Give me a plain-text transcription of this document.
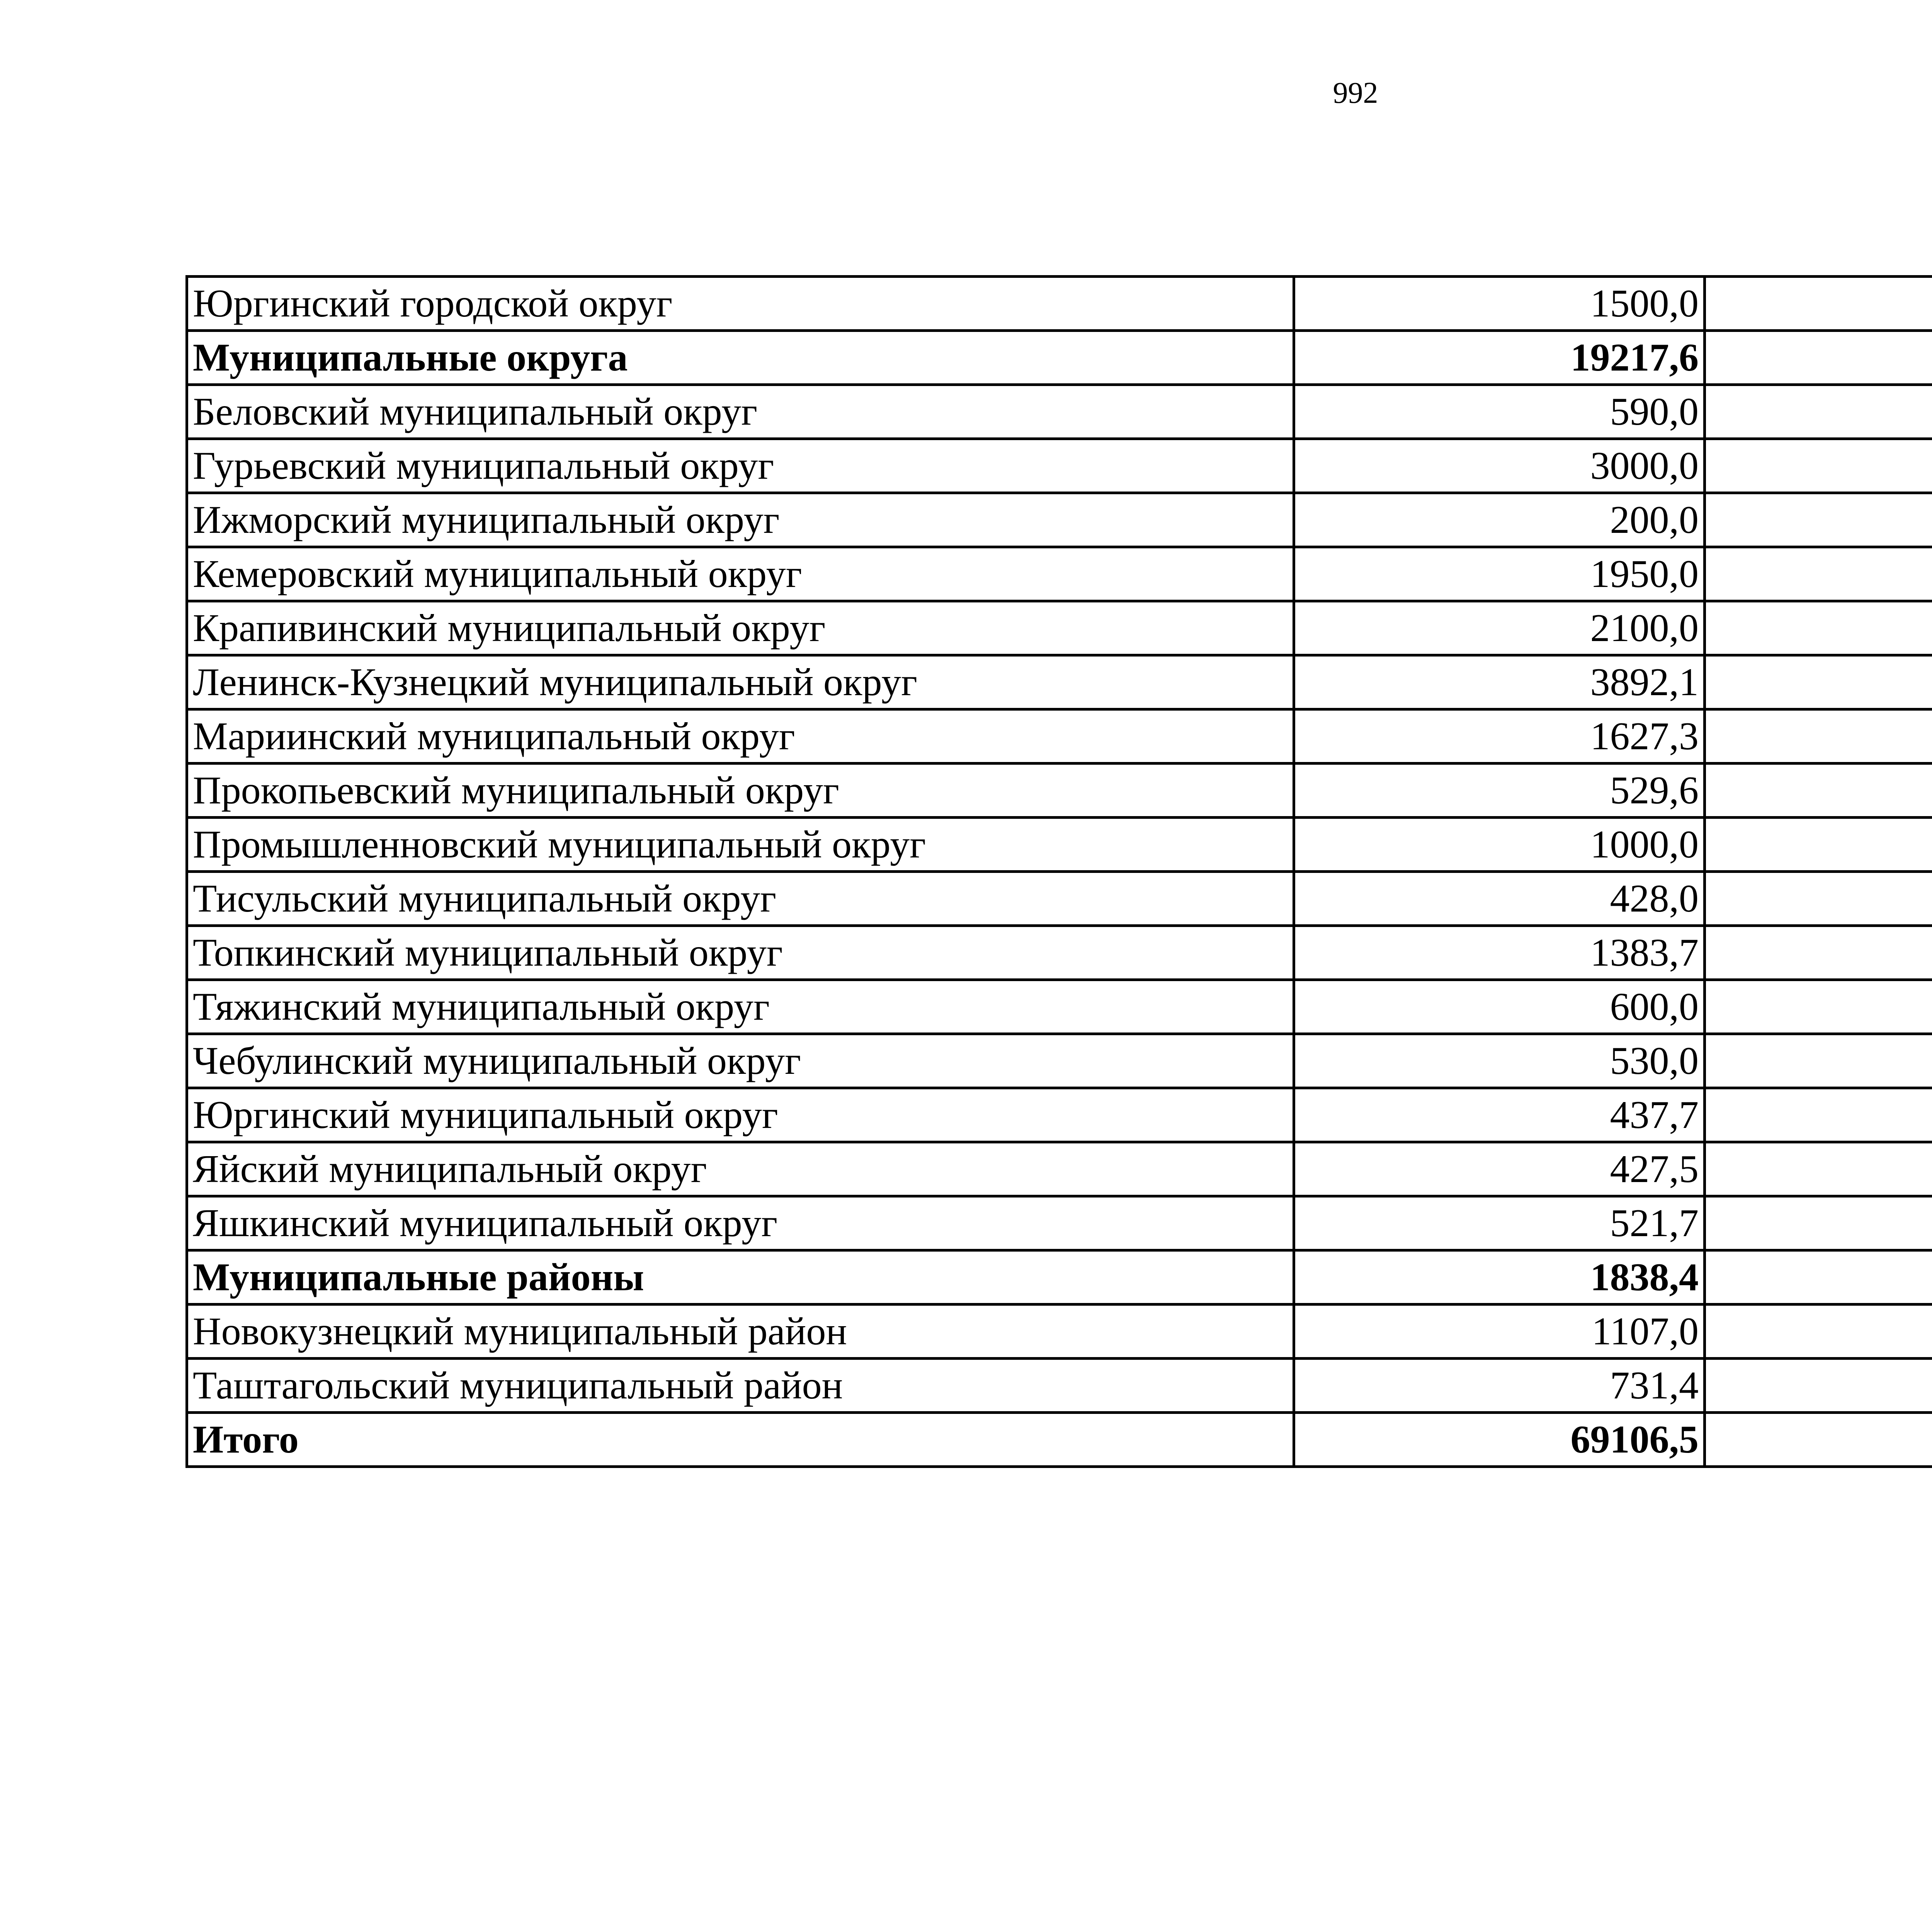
992
Юргинский городской округ	1500,0		
Муниципальные округа	19217,6		
Беловский муниципальный округ	590,0		
Гурьевский муниципальный округ	3000,0		
Ижморский муниципальный округ	200,0		
Кемеровский муниципальный округ	1950,0		
Крапивинский муниципальный округ	2100,0		
Ленинск-Кузнецкий муниципальный округ	3892,1		
Мариинский муниципальный округ	1627,3		
Прокопьевский муниципальный округ	529,6		
Промышленновский муниципальный округ	1000,0		
Тисульский муниципальный округ	428,0		
Топкинский муниципальный округ	1383,7		
Тяжинский муниципальный округ	600,0		
Чебулинский муниципальный округ	530,0		
Юргинский муниципальный округ	437,7		
Яйский муниципальный округ	427,5		
Яшкинский муниципальный округ	521,7		
Муниципальные районы	1838,4		
Новокузнецкий муниципальный район	1107,0		
Таштагольский муниципальный район	731,4		
Итого	69106,5		
